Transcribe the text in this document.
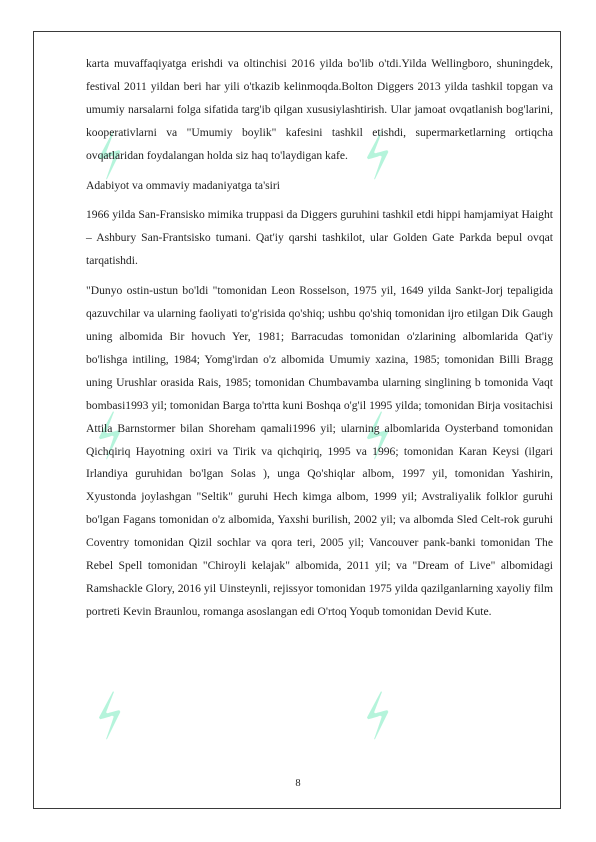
⚡	⚡
⚡	⚡
⚡	⚡

karta muvaffaqiyatga erishdi va oltinchisi 2016 yilda bo'lib o'tdi.Yilda Wellingboro, shuningdek, festival 2011 yildan beri har yili o'tkazib kelinmoqda.Bolton Diggers 2013 yilda tashkil topgan va umumiy narsalarni folga sifatida targ'ib qilgan xususiylashtirish. Ular jamoat ovqatlanish bog'larini, kooperativlarni va "Umumiy boylik" kafesini tashkil etishdi, supermarketlarning ortiqcha ovqatlaridan foydalangan holda siz haq to'laydigan kafe.

Adabiyot va ommaviy madaniyatga ta'siri

1966 yilda San-Fransisko mimika truppasi da Diggers guruhini tashkil etdi hippi hamjamiyat Haight – Ashbury San-Frantsisko tumani. Qat'iy qarshi tashkilot, ular Golden Gate Parkda bepul ovqat tarqatishdi.

"Dunyo ostin-ustun bo'ldi "tomonidan Leon Rosselson, 1975 yil, 1649 yilda Sankt-Jorj tepaligida qazuvchilar va ularning faoliyati to'g'risida qo'shiq; ushbu qo'shiq tomonidan ijro etilgan Dik Gaugh uning albomida Bir hovuch Yer, 1981; Barracudas tomonidan o'zlarining albomlarida Qat'iy bo'lishga intiling, 1984; Yomg'irdan o'z albomida Umumiy xazina, 1985; tomonidan Billi Bragg uning Urushlar orasida Rais, 1985; tomonidan Chumbavamba ularning singlining b tomonida Vaqt bombasi1993 yil; tomonidan Barga to'rtta kuni Boshqa o'g'il 1995 yilda; tomonidan Birja vositachisi Attila Barnstormer bilan Shoreham qamali1996 yil; ularning albomlarida Oysterband tomonidan Qichqiriq Hayotning oxiri va Tirik va qichqiriq, 1995 va 1996; tomonidan Karan Keysi (ilgari Irlandiya guruhidan bo'lgan Solas ), unga Qo'shiqlar albom, 1997 yil, tomonidan Yashirin, Xyustonda joylashgan "Seltik" guruhi Hech kimga albom, 1999 yil; Avstraliyalik folklor guruhi bo'lgan Fagans tomonidan o'z albomida, Yaxshi burilish, 2002 yil; va albomda Sled Celt-rok guruhi Coventry tomonidan Qizil sochlar va qora teri, 2005 yil; Vancouver pank-banki tomonidan The Rebel Spell tomonidan "Chiroyli kelajak" albomida, 2011 yil; va "Dream of Live" albomidagi Ramshackle Glory, 2016 yil Uinsteynli, rejissyor tomonidan 1975 yilda qazilganlarning xayoliy film portreti Kevin Braunlou, romanga asoslangan edi O'rtoq Yoqub tomonidan Devid Kute.

8
